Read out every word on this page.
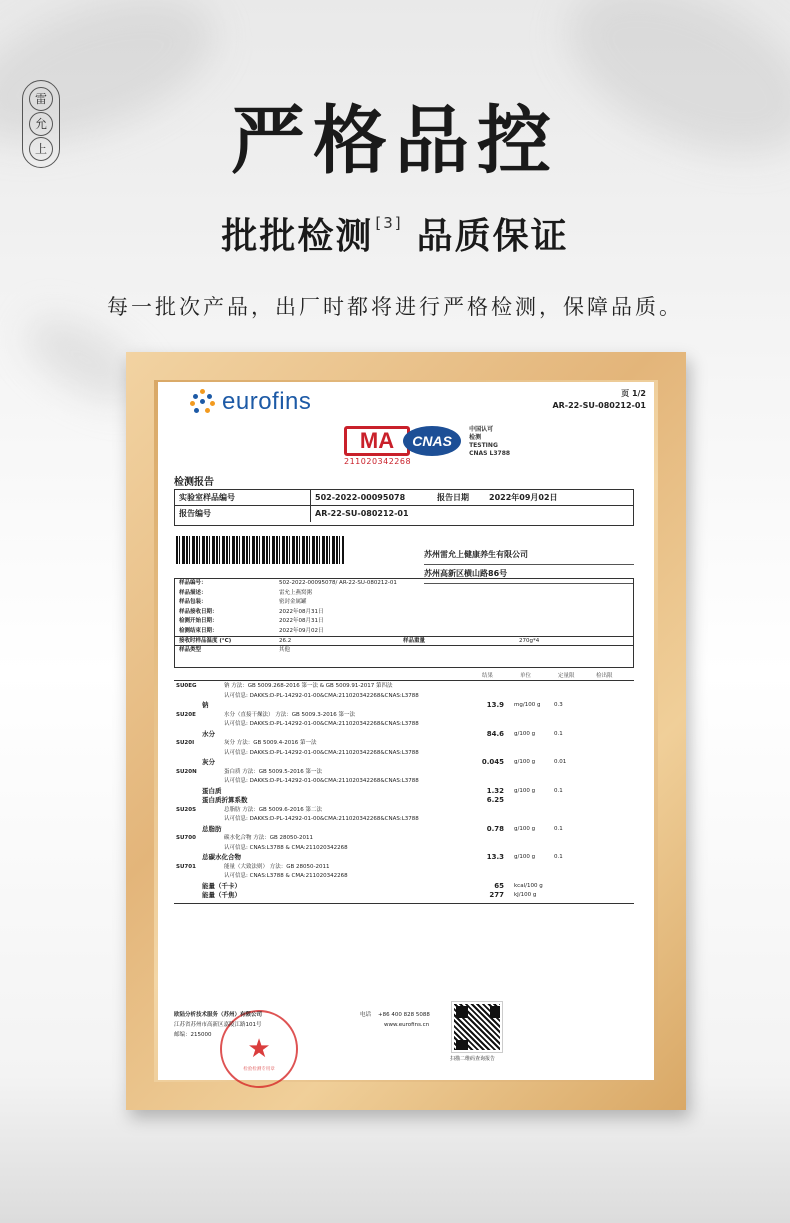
雷
允
上	严格品控
批批检测 [3] 品质保证
每一批次产品，出厂时都将进行严格检测，保障品质。
eurofins	页 1/2
AR-22-SU-080212-01
MA
211020342268
CNAS
中国认可
检测
TESTING
CNAS L3788
检测报告
实验室样品编号	502-2022-00095078	报告日期	2022年09月02日
报告编号	AR-22-SU-080212-01
苏州雷允上健康养生有限公司
苏州高新区横山路86号
样品编号：	502-2022-00095078/ AR-22-SU-080212-01
样品描述：	雷允上燕窝粥
样品包装：	密封金属罐
样品接收日期：	2022年08月31日
检测开始日期：	2022年08月31日
检测结束日期：	2022年09月02日
接收时样品温度 (°C)	26.2	样品重量	270g*4
样品类型	其他
结果	单位	定量限	检出限
SU0EG	钠 方法：GB 5009.268-2016 第一法 & GB 5009.91-2017 第四法
认可信息: DAKKS:D-PL-14292-01-00&CMA:211020342268&CNAS:L3788
钠	13.9	mg/100 g	0.3
SU20E	水分（直接干燥法） 方法：GB 5009.3-2016 第一法
认可信息: DAKKS:D-PL-14292-01-00&CMA:211020342268&CNAS:L3788
水分	84.6	g/100 g	0.1
SU20I	灰分 方法：GB 5009.4-2016 第一法
认可信息: DAKKS:D-PL-14292-01-00&CMA:211020342268&CNAS:L3788
灰分	0.045	g/100 g	0.01
SU20N	蛋白质 方法：GB 5009.5-2016 第一法
认可信息: DAKKS:D-PL-14292-01-00&CMA:211020342268&CNAS:L3788
蛋白质	1.32	g/100 g	0.1
蛋白质折算系数	6.25
SU20S	总脂肪 方法：GB 5009.6-2016 第二法
认可信息: DAKKS:D-PL-14292-01-00&CMA:211020342268&CNAS:L3788
总脂肪	0.78	g/100 g	0.1
SU700	碳水化合物 方法：GB 28050-2011
认可信息: CNAS:L3788 & CMA:211020342268
总碳水化合物	13.3	g/100 g	0.1
SU701	能量（大致法则） 方法：GB 28050-2011
认可信息: CNAS:L3788 & CMA:211020342268
能量（千卡）	65	kcal/100 g
能量（千焦）	277	kJ/100 g
★
检验检测专用章
欧陆分析技术服务（苏州）有限公司
江苏省苏州市高新区嘉陵江路101号
邮编：215000
电话 +86 400 828 5088
www.eurofins.cn
扫描二维码查询报告
